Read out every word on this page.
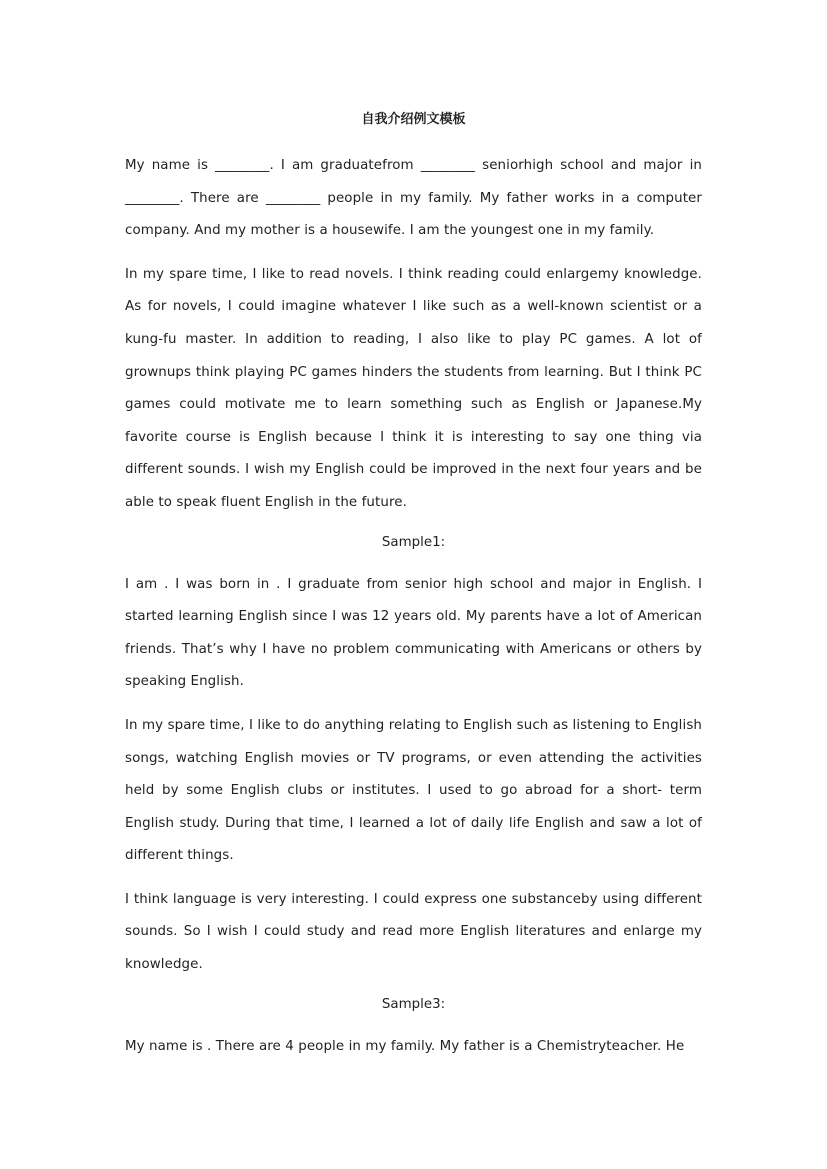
自我介绍例文模板

My name is ________. I am graduatefrom ________ seniorhigh school and major in ________. There are ________ people in my family. My father works in a computer company. And my mother is a housewife. I am the youngest one in my family.

In my spare time, I like to read novels. I think reading could enlargemy knowledge. As for novels, I could imagine whatever I like such as a well-known scientist or a kung-fu master. In addition to reading, I also like to play PC games. A lot of grownups think playing PC games hinders the students from learning. But I think PC games could motivate me to learn something such as English or Japanese.My favorite course is English because I think it is interesting to say one thing via different sounds. I wish my English could be improved in the next four years and be able to speak fluent English in the future.

Sample1:

I am . I was born in . I graduate from senior high school and major in English. I started learning English since I was 12 years old. My parents have a lot of American friends. That’s why I have no problem communicating with Americans or others by speaking English.

In my spare time, I like to do anything relating to English such as listening to English songs, watching English movies or TV programs, or even attending the activities held by some English clubs or institutes. I used to go abroad for a short- term English study. During that time, I learned a lot of daily life English and saw a lot of different things.

I think language is very interesting. I could express one substanceby using different sounds. So I wish I could study and read more English literatures and enlarge my knowledge.

Sample3:

My name is . There are 4 people in my family. My father is a Chemistryteacher. He
